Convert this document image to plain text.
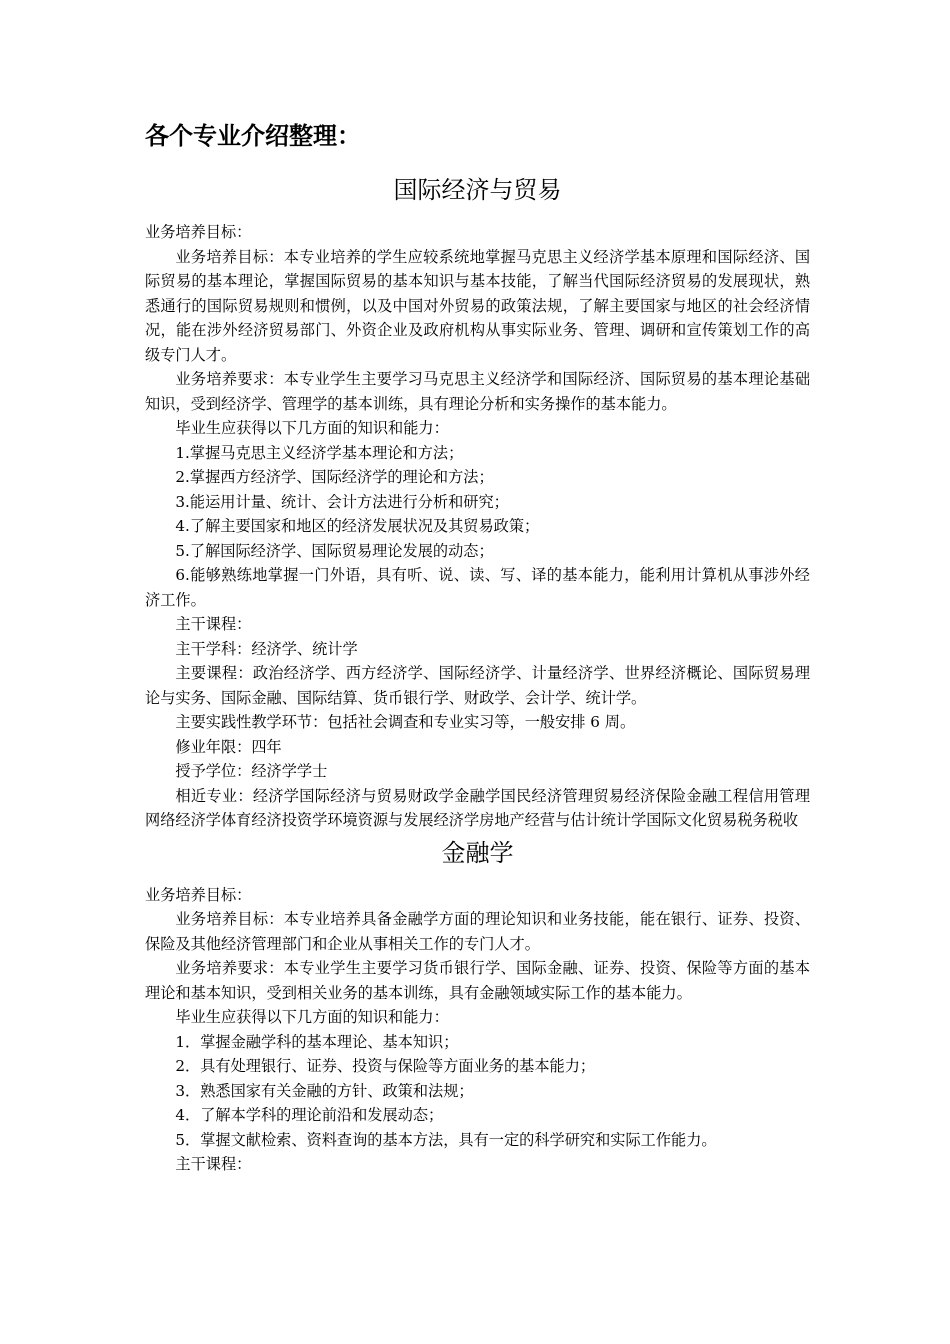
各个专业介绍整理：
国际经济与贸易

业务培养目标：

业务培养目标：本专业培养的学生应较系统地掌握马克思主义经济学基本原理和国际经济、国际贸易的基本理论，掌握国际贸易的基本知识与基本技能，了解当代国际经济贸易的发展现状，熟悉通行的国际贸易规则和惯例，以及中国对外贸易的政策法规，了解主要国家与地区的社会经济情况，能在涉外经济贸易部门、外资企业及政府机构从事实际业务、管理、调研和宣传策划工作的高级专门人才。

业务培养要求：本专业学生主要学习马克思主义经济学和国际经济、国际贸易的基本理论基础知识，受到经济学、管理学的基本训练，具有理论分析和实务操作的基本能力。

毕业生应获得以下几方面的知识和能力：

1.掌握马克思主义经济学基本理论和方法；

2.掌握西方经济学、国际经济学的理论和方法；

3.能运用计量、统计、会计方法进行分析和研究；

4.了解主要国家和地区的经济发展状况及其贸易政策；

5.了解国际经济学、国际贸易理论发展的动态；

6.能够熟练地掌握一门外语，具有听、说、读、写、译的基本能力，能利用计算机从事涉外经济工作。

主干课程：

主干学科：经济学、统计学

主要课程：政治经济学、西方经济学、国际经济学、计量经济学、世界经济概论、国际贸易理论与实务、国际金融、国际结算、货币银行学、财政学、会计学、统计学。

主要实践性教学环节：包括社会调查和专业实习等，一般安排 6 周。

修业年限：四年

授予学位：经济学学士

相近专业：经济学国际经济与贸易财政学金融学国民经济管理贸易经济保险金融工程信用管理网络经济学体育经济投资学环境资源与发展经济学房地产经营与估计统计学国际文化贸易税务税收

金融学

业务培养目标：

业务培养目标：本专业培养具备金融学方面的理论知识和业务技能，能在银行、证券、投资、保险及其他经济管理部门和企业从事相关工作的专门人才。

业务培养要求：本专业学生主要学习货币银行学、国际金融、证券、投资、保险等方面的基本理论和基本知识，受到相关业务的基本训练，具有金融领域实际工作的基本能力。

毕业生应获得以下几方面的知识和能力：

1．掌握金融学科的基本理论、基本知识；

2．具有处理银行、证券、投资与保险等方面业务的基本能力；

3．熟悉国家有关金融的方针、政策和法规；

4．了解本学科的理论前沿和发展动态；

5．掌握文献检索、资料查询的基本方法，具有一定的科学研究和实际工作能力。

主干课程：
